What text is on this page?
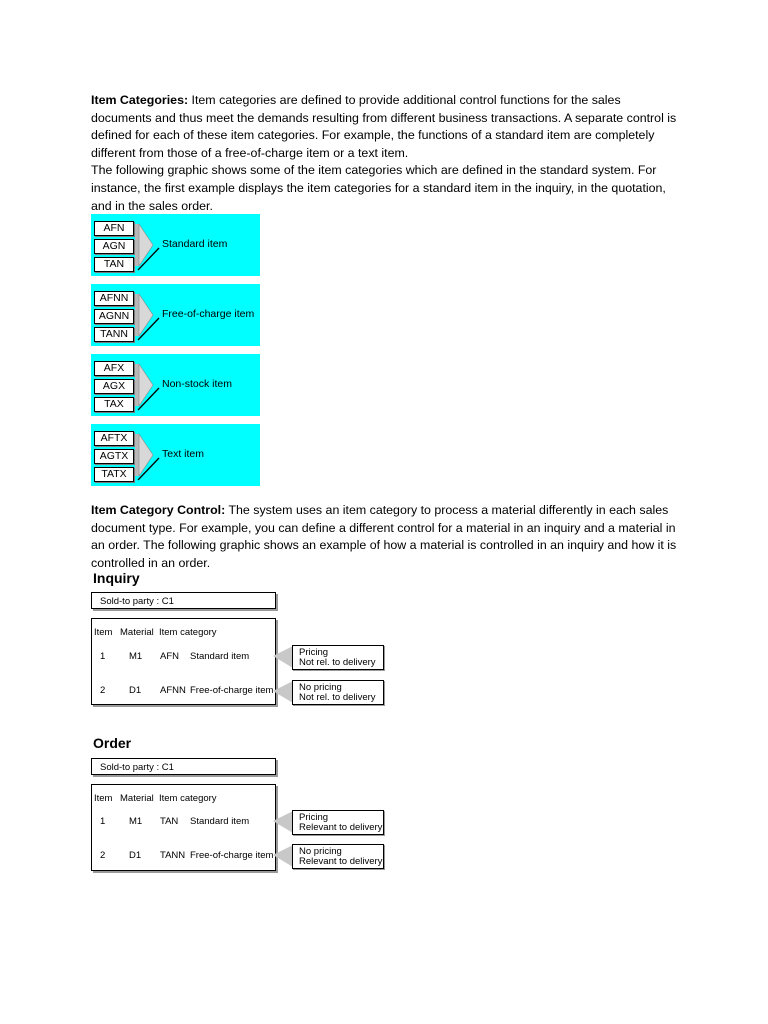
Item Categories: Item categories are defined to provide additional control functions for the sales documents and thus meet the demands resulting from different business transactions. A separate control is defined for each of these item categories. For example, the functions of a standard item are completely different from those of a free-of-charge item or a text item.
The following graphic shows some of the item categories which are defined in the standard system. For instance, the first example displays the item categories for a standard item in the inquiry, in the quotation, and in the sales order.

AFN
AGN
TAN
Standard item
AFNN
AGNN
TANN
Free-of-charge item
AFX
AGX
TAX
Non-stock item
AFTX
AGTX
TATX
Text item

Item Category Control: The system uses an item category to process a material differently in each sales document type. For example, you can define a different control for a material in an inquiry and a material in an order. The following graphic shows an example of how a material is controlled in an inquiry and how it is controlled in an order.

Inquiry
Sold-to party : C1
Item Material Item category
1 M1 AFN Standard item
2 D1 AFNN Free-of-charge item
Pricing
Not rel. to delivery
No pricing
Not rel. to delivery
Order
Sold-to party : C1
Item Material Item category
1 M1 TAN Standard item
2 D1 TANN Free-of-charge item
Pricing
Relevant to delivery
No pricing
Relevant to delivery
